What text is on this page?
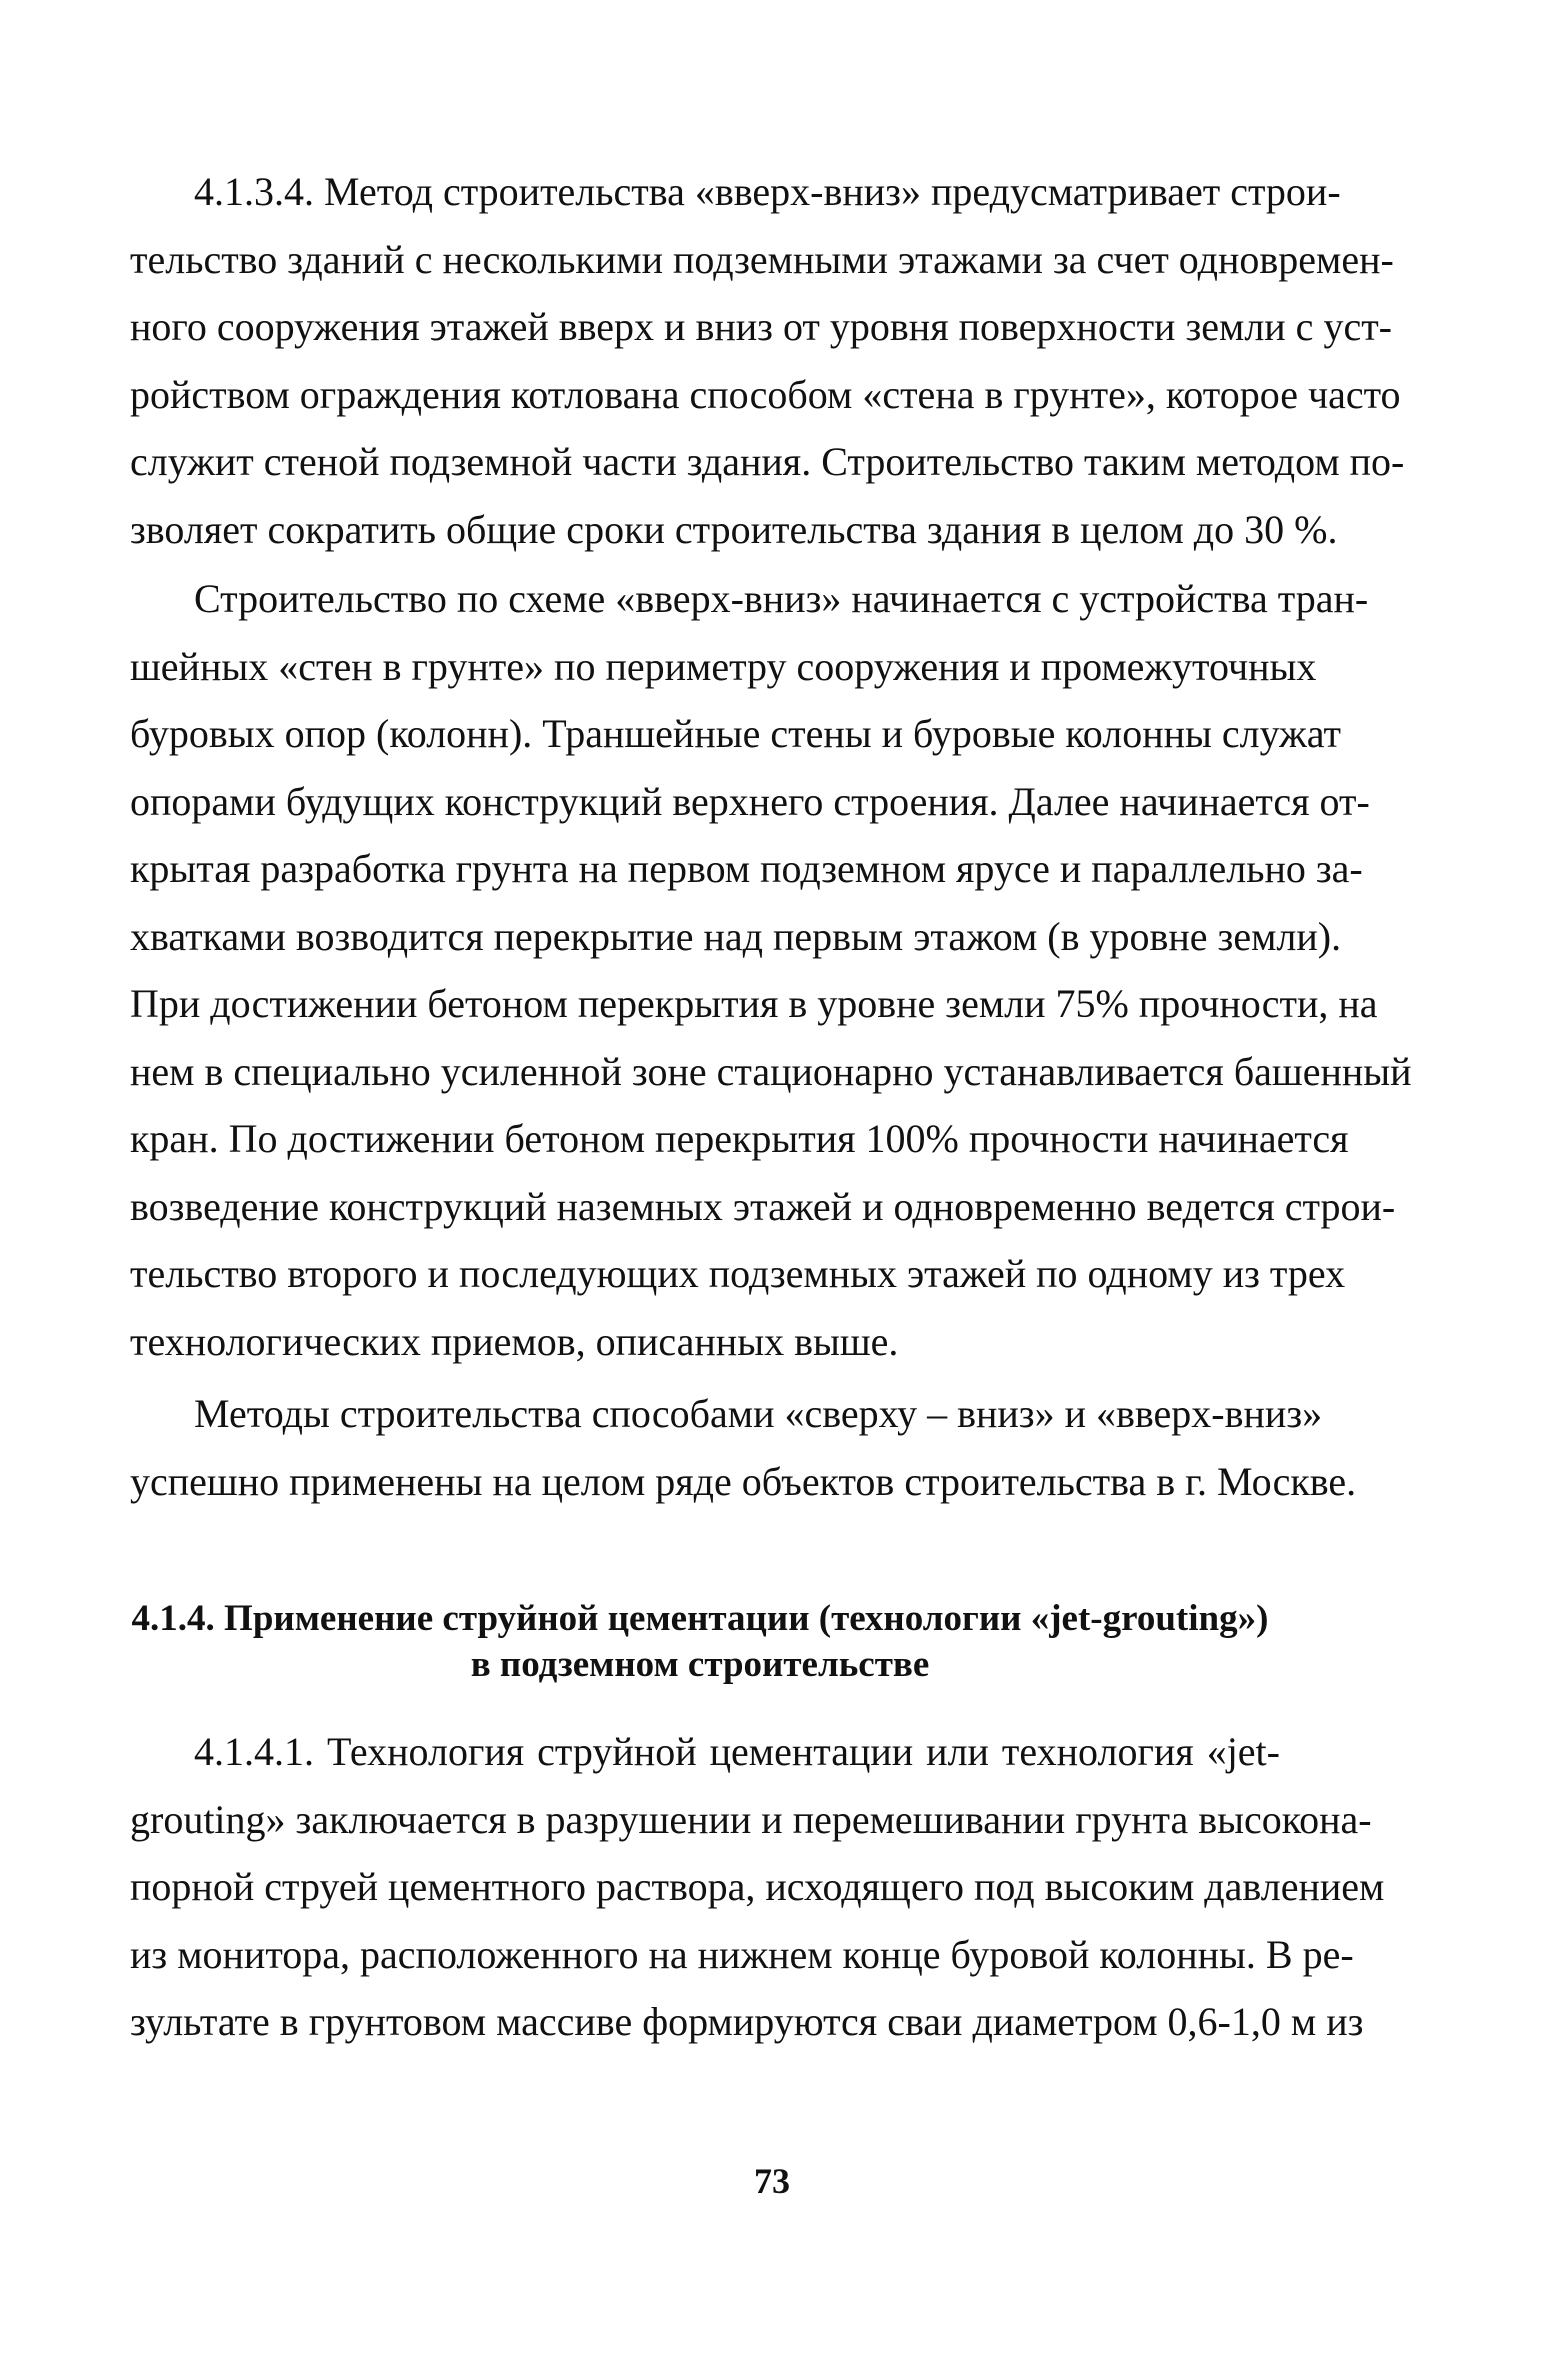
4.1.3.4. Метод строительства «вверх-вниз» предусматривает строи-
тельство зданий с несколькими подземными этажами за счет одновремен-
ного сооружения этажей вверх и вниз от уровня поверхности земли с уст-
ройством ограждения котлована способом «стена в грунте», которое часто
служит стеной подземной части здания. Строительство таким методом по-
зволяет сократить общие сроки строительства здания в целом до 30 %.
Строительство по схеме «вверх-вниз» начинается с устройства тран-
шейных «стен в грунте» по периметру сооружения и промежуточных
буровых опор (колонн). Траншейные стены и буровые колонны служат
опорами будущих конструкций верхнего строения. Далее начинается от-
крытая разработка грунта на первом подземном ярусе и параллельно за-
хватками возводится перекрытие над первым этажом (в уровне земли).
При достижении бетоном перекрытия в уровне земли 75% прочности, на
нем в специально усиленной зоне стационарно устанавливается башенный
кран. По достижении бетоном перекрытия 100% прочности начинается
возведение конструкций наземных этажей и одновременно ведется строи-
тельство второго и последующих подземных этажей по одному из трех
технологических приемов, описанных выше.
Методы строительства способами «сверху – вниз» и «вверх-вниз»
успешно применены на целом ряде объектов строительства в г. Москве.
4.1.4. Применение струйной цементации (технологии «jet-grouting»)
в подземном строительстве
4.1.4.1. Технология струйной цементации или технология «jet-
grouting» заключается в разрушении и перемешивании грунта высокона-
порной струей цементного раствора, исходящего под высоким давлением
из монитора, расположенного на нижнем конце буровой колонны. В ре-
зультате в грунтовом массиве формируются сваи диаметром 0,6-1,0 м из
73
